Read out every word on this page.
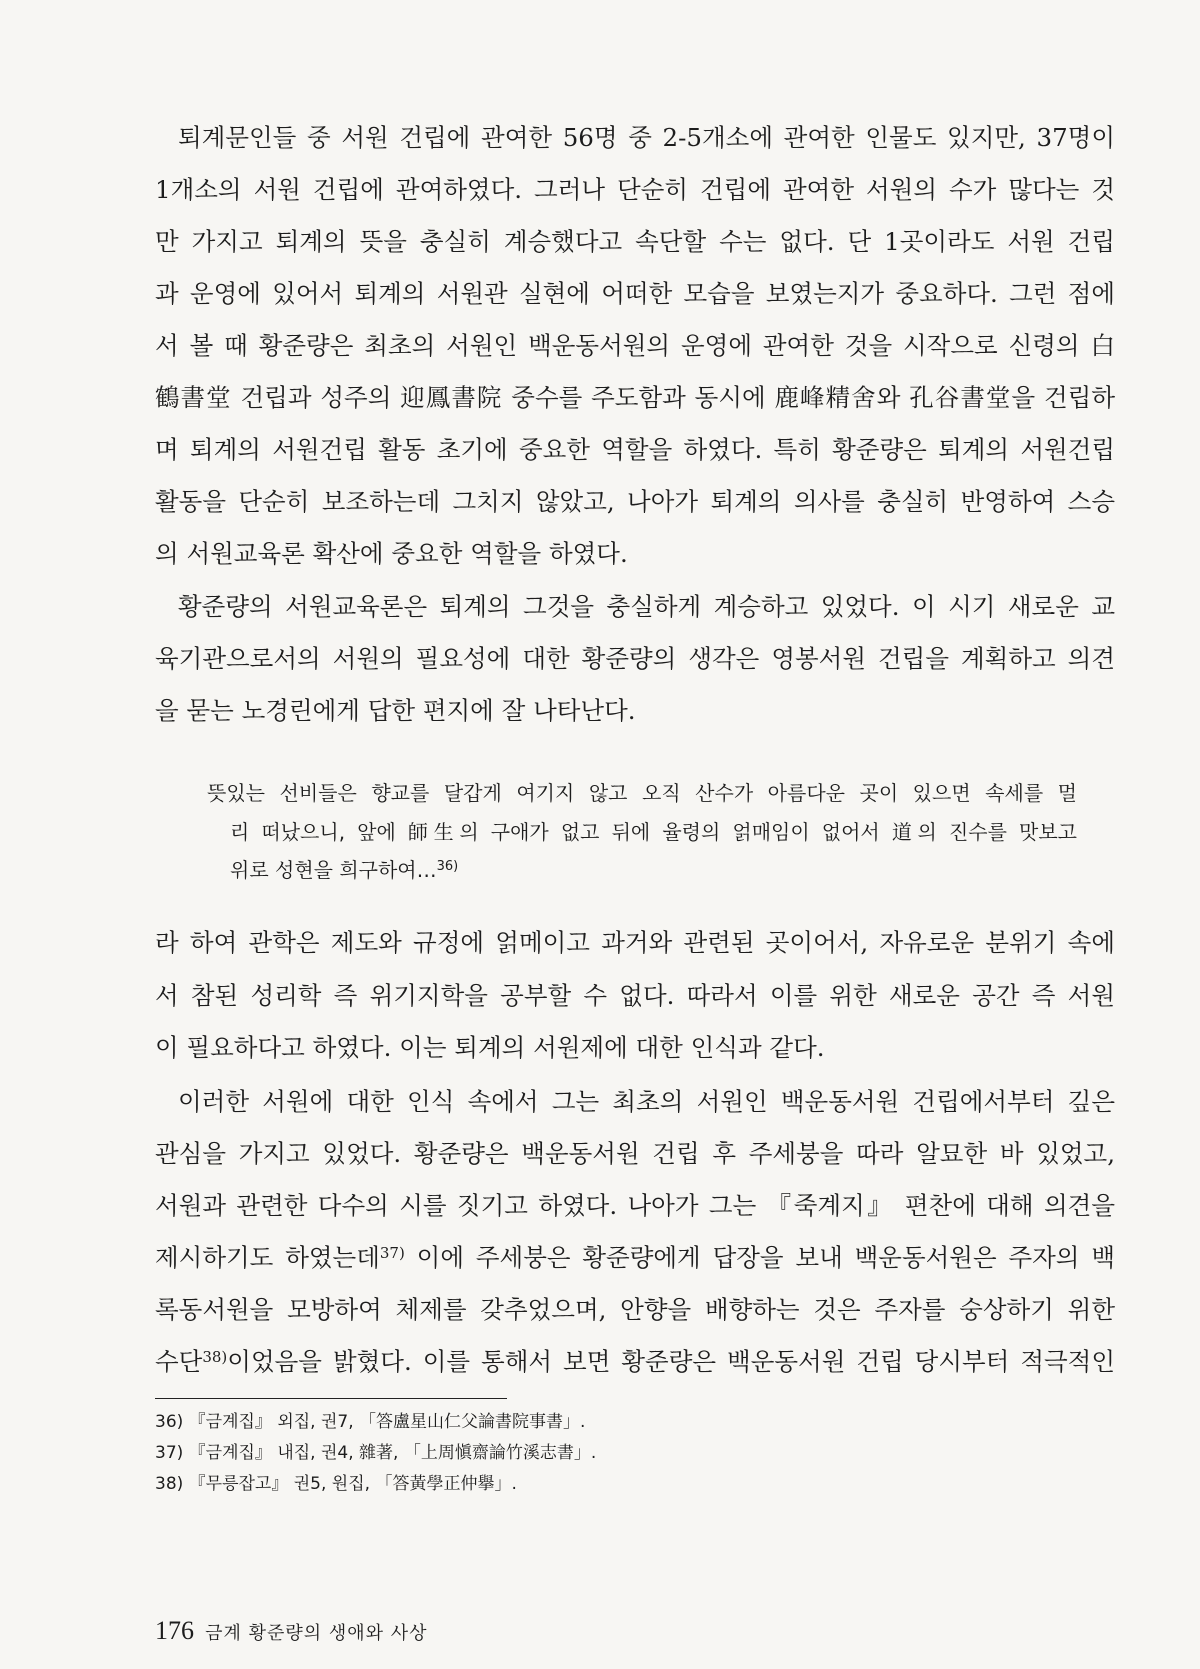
퇴계문인들 중 서원 건립에 관여한 56명 중 2-5개소에 관여한 인물도 있지만, 37명이
1개소의 서원 건립에 관여하였다. 그러나 단순히 건립에 관여한 서원의 수가 많다는 것
만 가지고 퇴계의 뜻을 충실히 계승했다고 속단할 수는 없다. 단 1곳이라도 서원 건립
과 운영에 있어서 퇴계의 서원관 실현에 어떠한 모습을 보였는지가 중요하다. 그런 점에
서 볼 때 황준량은 최초의 서원인 백운동서원의 운영에 관여한 것을 시작으로 신령의 白
鶴書堂 건립과 성주의 迎鳳書院 중수를 주도함과 동시에 鹿峰精舍와 孔谷書堂을 건립하
며 퇴계의 서원건립 활동 초기에 중요한 역할을 하였다. 특히 황준량은 퇴계의 서원건립
활동을 단순히 보조하는데 그치지 않았고, 나아가 퇴계의 의사를 충실히 반영하여 스승
의 서원교육론 확산에 중요한 역할을 하였다.
황준량의 서원교육론은 퇴계의 그것을 충실하게 계승하고 있었다. 이 시기 새로운 교
육기관으로서의 서원의 필요성에 대한 황준량의 생각은 영봉서원 건립을 계획하고 의견
을 묻는 노경린에게 답한 편지에 잘 나타난다.
뜻있는 선비들은 향교를 달갑게 여기지 않고 오직 산수가 아름다운 곳이 있으면 속세를 멀
리 떠났으니, 앞에 師生의 구애가 없고 뒤에 율령의 얽매임이 없어서 道의 진수를 맛보고
위로 성현을 희구하여…$^{36)}$
라 하여 관학은 제도와 규정에 얽메이고 과거와 관련된 곳이어서, 자유로운 분위기 속에
서 참된 성리학 즉 위기지학을 공부할 수 없다. 따라서 이를 위한 새로운 공간 즉 서원
이 필요하다고 하였다. 이는 퇴계의 서원제에 대한 인식과 같다.
이러한 서원에 대한 인식 속에서 그는 최초의 서원인 백운동서원 건립에서부터 깊은
관심을 가지고 있었다. 황준량은 백운동서원 건립 후 주세붕을 따라 알묘한 바 있었고,
서원과 관련한 다수의 시를 짓기고 하였다. 나아가 그는 『죽계지』 편찬에 대해 의견을
제시하기도 하였는데$^{37)}$ 이에 주세붕은 황준량에게 답장을 보내 백운동서원은 주자의 백
록동서원을 모방하여 체제를 갖추었으며, 안향을 배향하는 것은 주자를 숭상하기 위한
수단$^{38)}$이었음을 밝혔다. 이를 통해서 보면 황준량은 백운동서원 건립 당시부터 적극적인
36) 『금계집』 외집, 권7, 「答盧星山仁父論書院事書」.
37) 『금계집』 내집, 권4, 雜著, 「上周愼齋論竹溪志書」.
38) 『무릉잡고』 권5, 원집, 「答黃學正仲擧」.
176 금계 황준량의 생애와 사상
